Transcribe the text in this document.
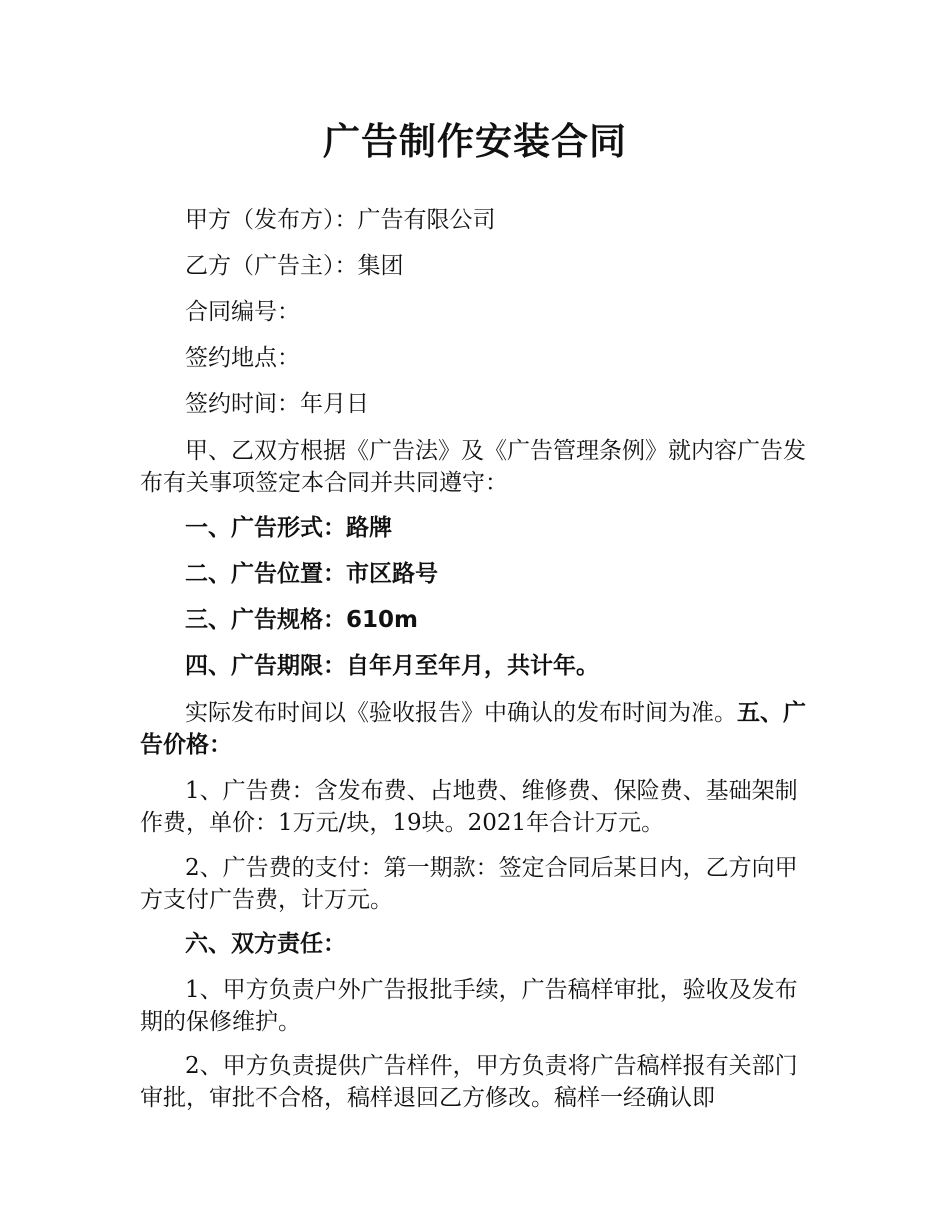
广告制作安装合同
甲方（发布方）：广告有限公司
乙方（广告主）：集团
合同编号：
签约地点：
签约时间：年月日
甲、乙双方根据《广告法》及《广告管理条例》就内容广告发布有关事项签定本合同并共同遵守：
一、广告形式：路牌
二、广告位置：市区路号
三、广告规格：610m
四、广告期限：自年月至年月，共计年。
实际发布时间以《验收报告》中确认的发布时间为准。五、广告价格：
1、广告费：含发布费、占地费、维修费、保险费、基础架制作费，单价：1万元/块，19块。2021年合计万元。
2、广告费的支付：第一期款：签定合同后某日内，乙方向甲方支付广告费，计万元。
六、双方责任：
1、甲方负责户外广告报批手续，广告稿样审批，验收及发布期的保修维护。
2、甲方负责提供广告样件，甲方负责将广告稿样报有关部门审批，审批不合格，稿样退回乙方修改。稿样一经确认即
